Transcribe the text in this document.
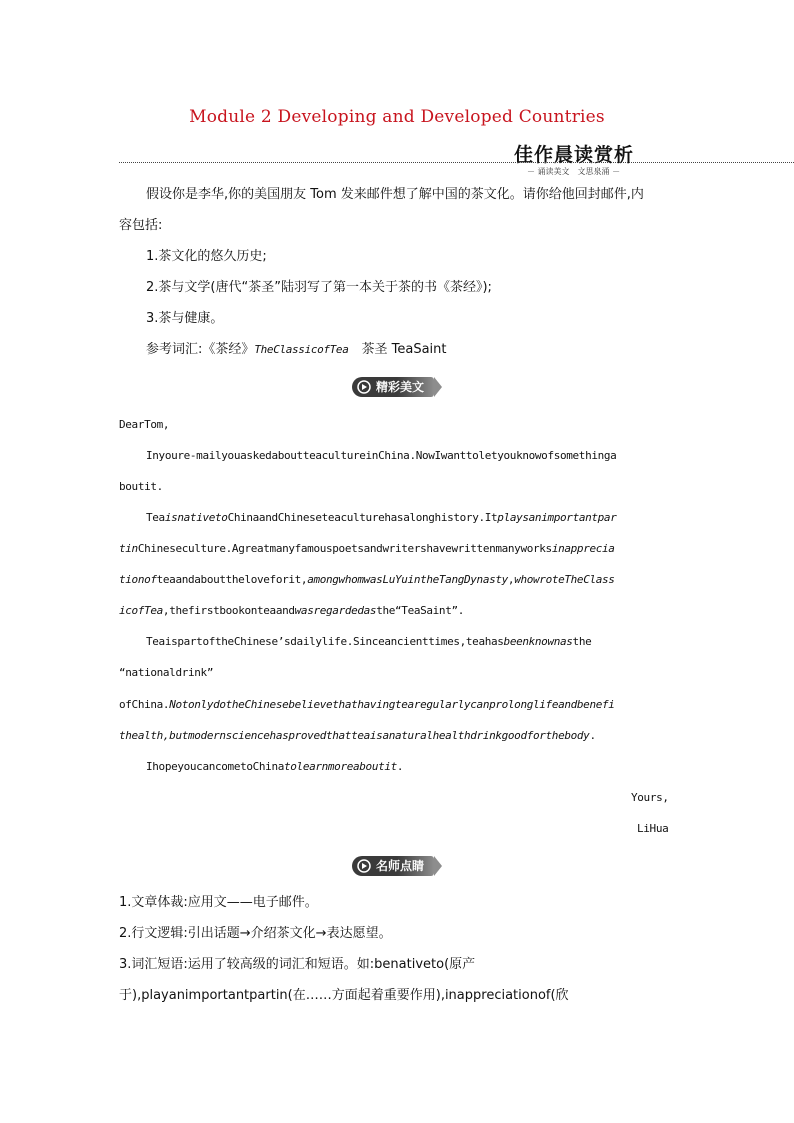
Module 2 Developing and Developed Countries
佳作晨读赏析
－ 诵读美文　文思泉涌 －
假设你是李华,你的美国朋友 Tom 发来邮件想了解中国的茶文化。请你给他回封邮件,内
容包括:
1.茶文化的悠久历史;
2.茶与文学(唐代“茶圣”陆羽写了第一本关于茶的书《茶经》);
3.茶与健康。
参考词汇:《茶经》TheClassicofTea　茶圣 TeaSaint
精彩美文
DearTom,
Inyoure-mailyouaskedaboutteacultureinChina.NowIwanttoletyouknowofsomethinga
boutit.
TeaisnativetoChinaandChineseteaculturehasalonghistory.Itplaysanimportantpar
tinChineseculture.Agreatmanyfamouspoetsandwritershavewrittenmanyworksinapprecia
tionofteaandabouttheloveforit,amongwhomwasLuYuintheTangDynasty,whowroteTheClass
icofTea,thefirstbookonteaandwasregardedasthe“TeaSaint”.
TeaispartoftheChinese’sdailylife.Sinceancienttimes,teahasbeenknownasthe
“nationaldrink”
ofChina.NotonlydotheChinesebelievethathavingtearegularlycanprolonglifeandbenefi
thealth,butmodernsciencehasprovedthatteaisanaturalhealthdrinkgoodforthebody.
IhopeyoucancometoChinatolearnmoreaboutit.
Yours,
LiHua
名师点睛
1.文章体裁:应用文——电子邮件。
2.行文逻辑:引出话题→介绍茶文化→表达愿望。
3.词汇短语:运用了较高级的词汇和短语。如:benativeto(原产
于),playanimportantpartin(在……方面起着重要作用),inappreciationof(欣
